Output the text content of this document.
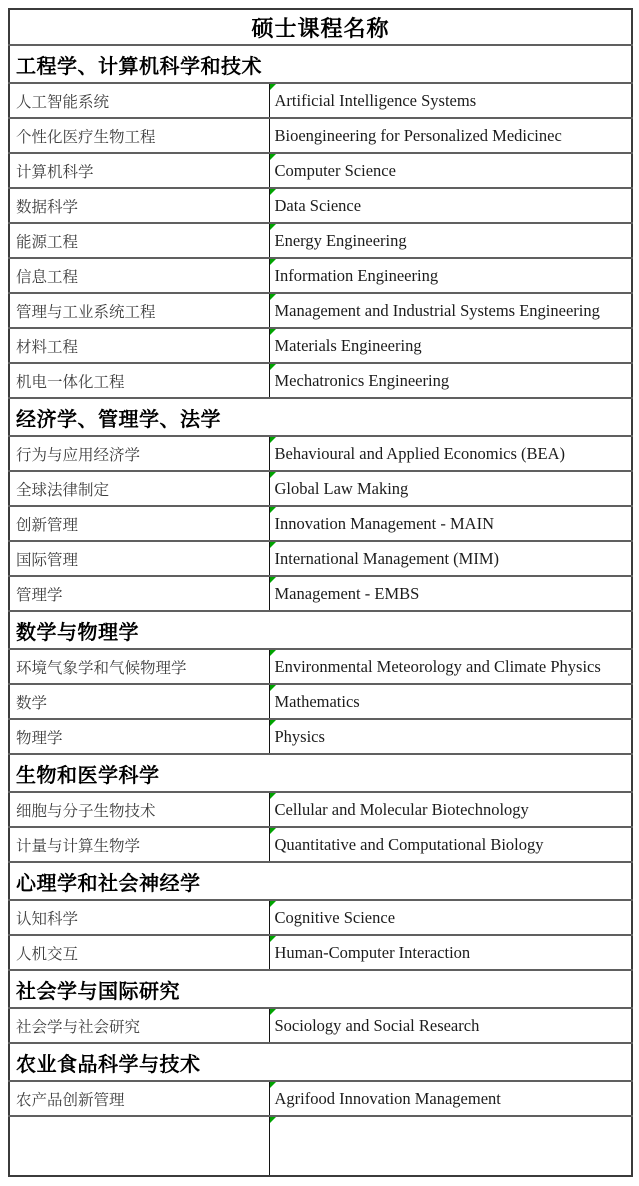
硕士课程名称	
工程学、计算机科学和技术	
人工智能系统	Artificial Intelligence Systems
个性化医疗生物工程	Bioengineering for Personalized Medicinec
计算机科学	Computer Science
数据科学	Data Science
能源工程	Energy Engineering
信息工程	Information Engineering
管理与工业系统工程	Management and Industrial Systems Engineering
材料工程	Materials Engineering
机电一体化工程	Mechatronics Engineering
经济学、管理学、法学	
行为与应用经济学	Behavioural and Applied Economics (BEA)
全球法律制定	Global Law Making
创新管理	Innovation Management - MAIN
国际管理	International Management (MIM)
管理学	Management - EMBS
数学与物理学	
环境气象学和气候物理学	Environmental Meteorology and Climate Physics
数学	Mathematics
物理学	Physics
生物和医学科学	
细胞与分子生物技术	Cellular and Molecular Biotechnology
计量与计算生物学	Quantitative and Computational Biology
心理学和社会神经学	
认知科学	Cognitive Science
人机交互	Human-Computer Interaction
社会学与国际研究	
社会学与社会研究	Sociology and Social Research
农业食品科学与技术	
农产品创新管理	Agrifood Innovation Management
